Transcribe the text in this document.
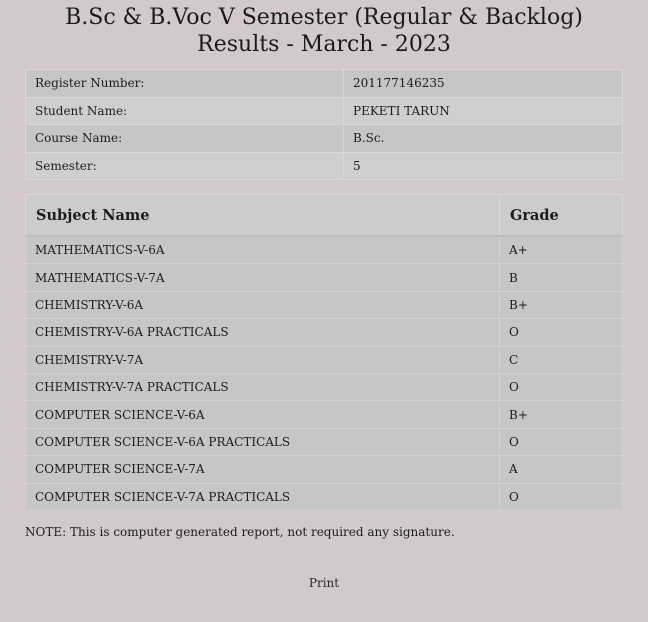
B.Sc & B.Voc V Semester (Regular & Backlog) Results - March - 2023
Register Number:	201177146235
Student Name:	PEKETI TARUN
Course Name:	B.Sc.
Semester:	5
Subject Name	Grade
MATHEMATICS-V-6A	A+
MATHEMATICS-V-7A	B
CHEMISTRY-V-6A	B+
CHEMISTRY-V-6A PRACTICALS	O
CHEMISTRY-V-7A	C
CHEMISTRY-V-7A PRACTICALS	O
COMPUTER SCIENCE-V-6A	B+
COMPUTER SCIENCE-V-6A PRACTICALS	O
COMPUTER SCIENCE-V-7A	A
COMPUTER SCIENCE-V-7A PRACTICALS	O
NOTE: This is computer generated report, not required any signature.
Print
